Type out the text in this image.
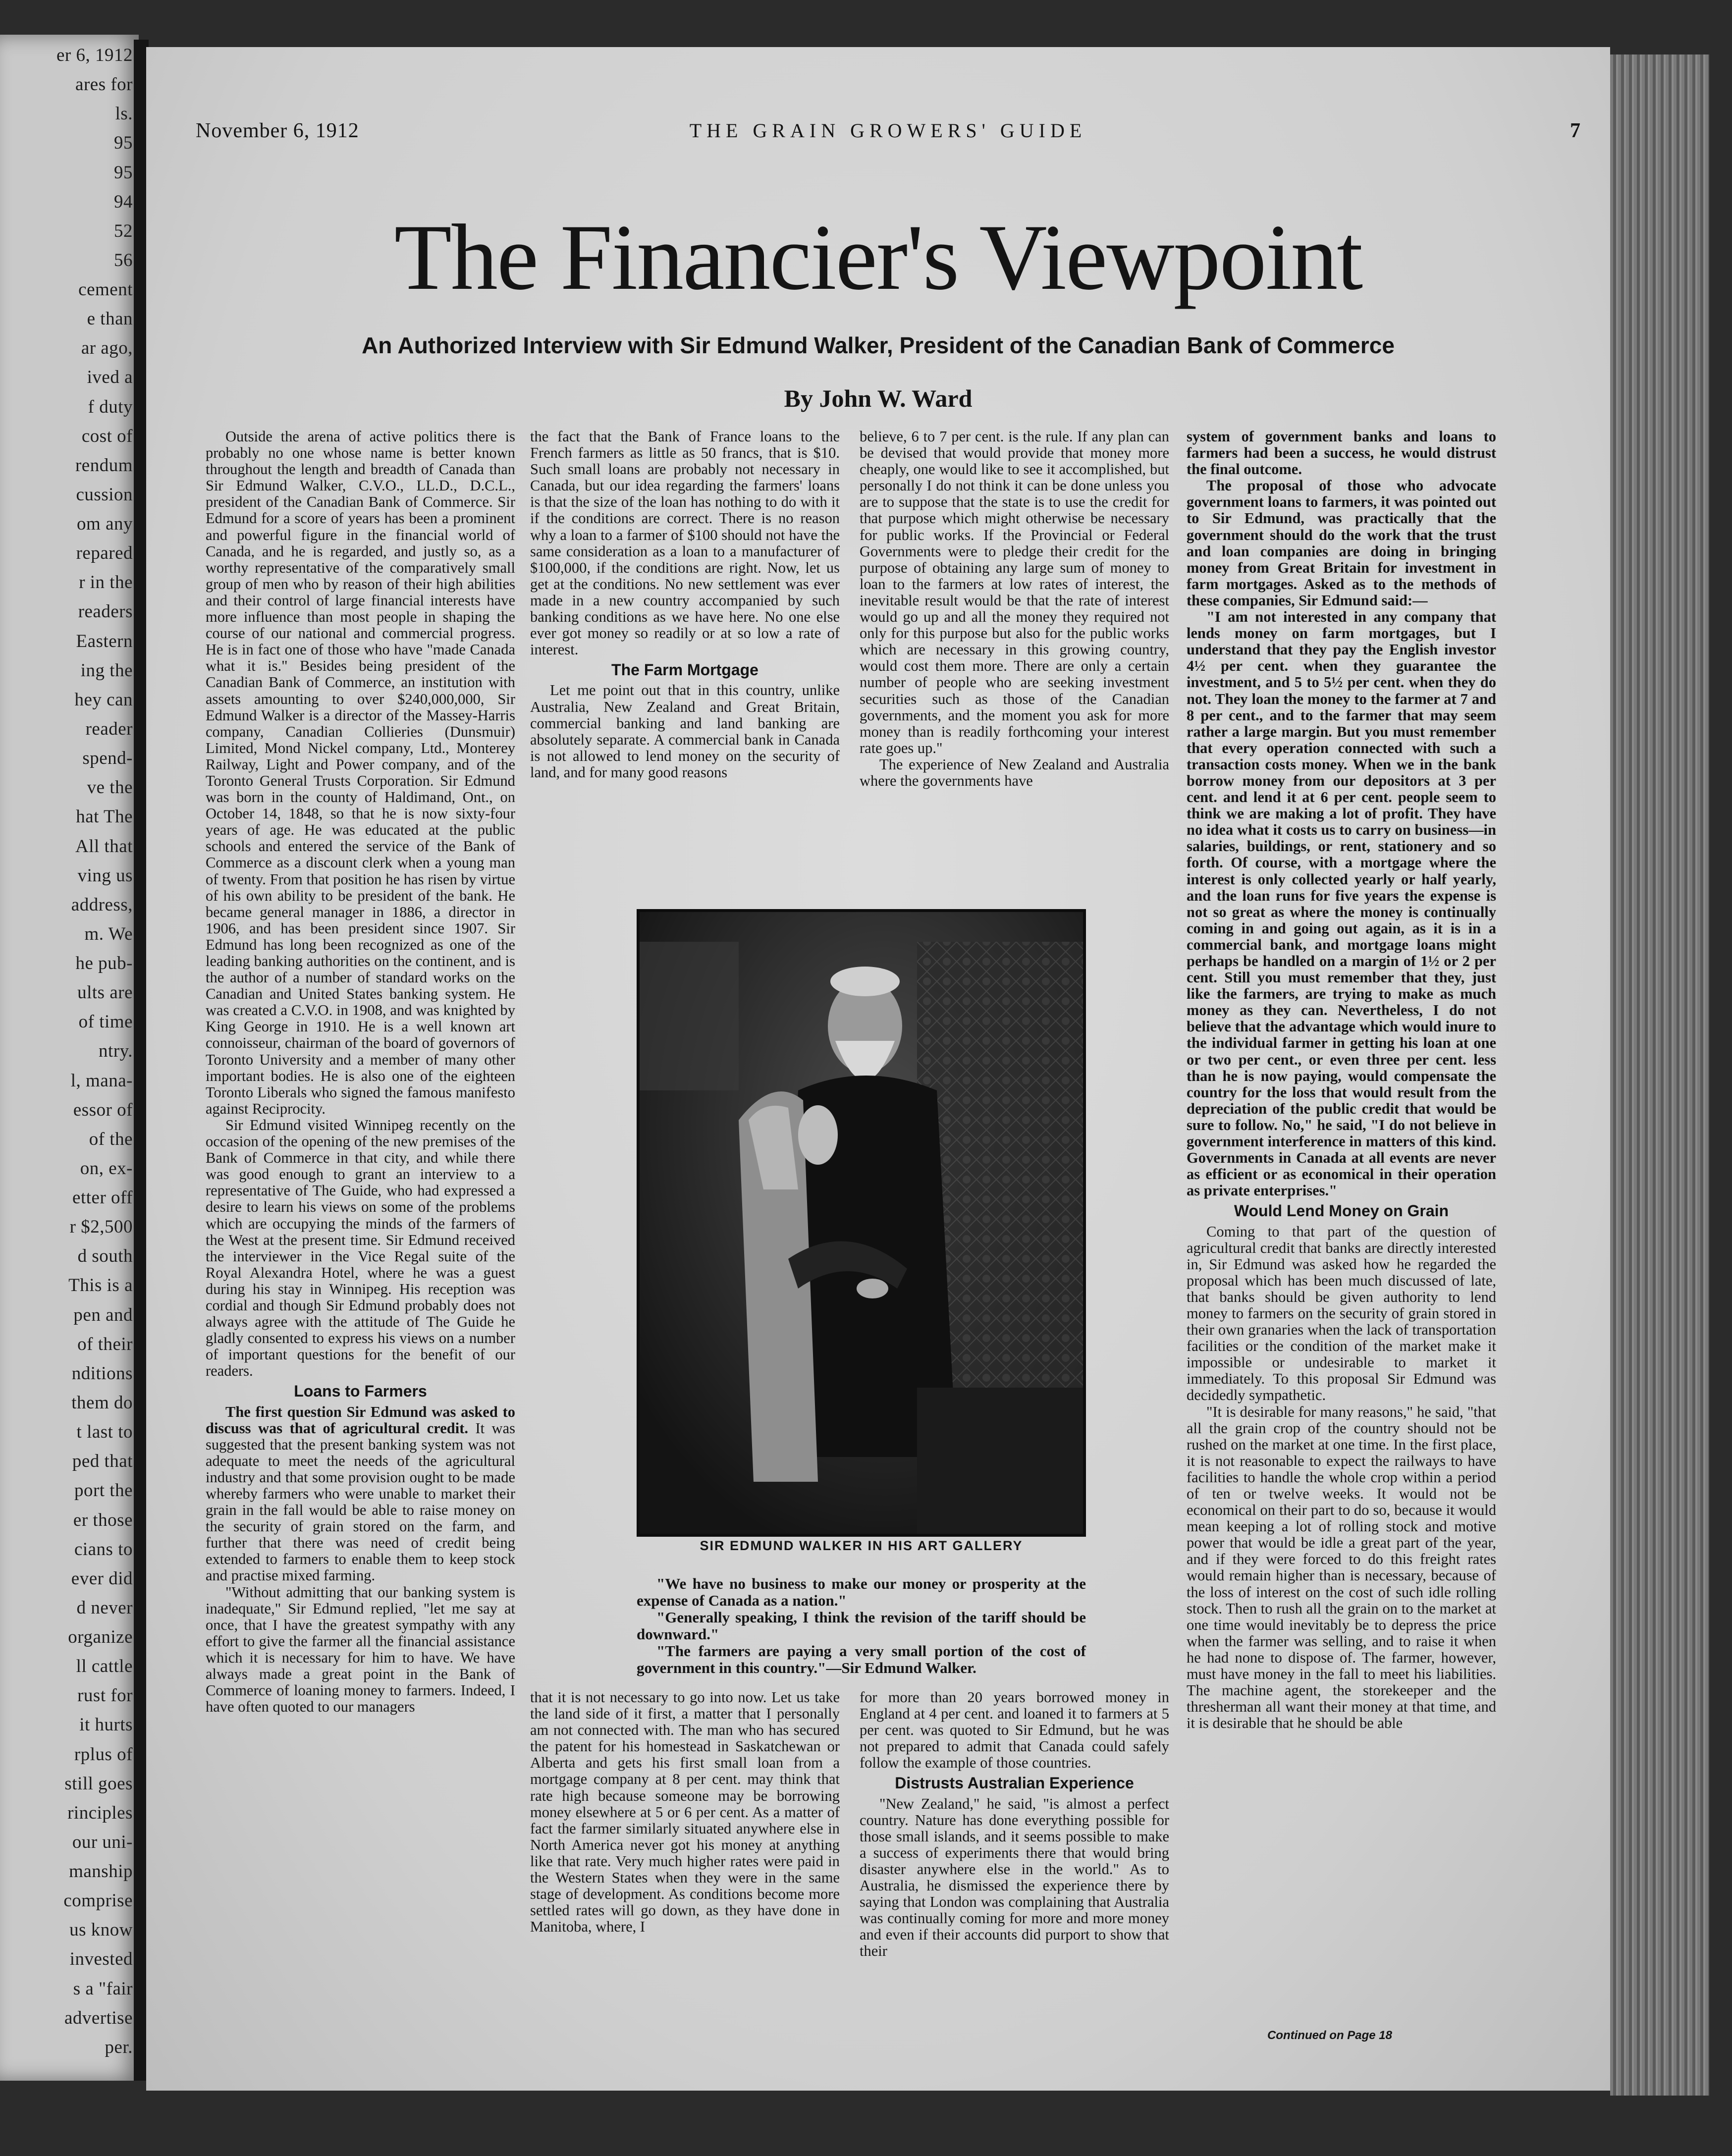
er 6, 1912
ares for
ls.
95
95
94
52
56
cement
e than
ar ago,
ived a
f duty
cost of
rendum
cussion
om any
repared
r in the
readers
Eastern
ing the
hey can
reader
spend-
ve the
hat The
All that
ving us
address,
m. We
he pub-
ults are
of time
ntry.
l, mana-
essor of
of the
on, ex-
etter off
r $2,500
d south
This is a
pen and
of their
nditions
them do
t last to
ped that
port the
er those
cians to
ever did
d never
organize
ll cattle
rust for
it hurts
rplus of
still goes
rinciples
our uni-
manship
comprise
us know
invested
s a "fair
advertise
per.
November 6, 1912	THE GRAIN GROWERS' GUIDE	7
The Financier's Viewpoint
An Authorized Interview with Sir Edmund Walker, President of the Canadian Bank of Commerce
By John W. Ward

Outside the arena of active politics there is probably no one whose name is better known throughout the length and breadth of Canada than Sir Edmund Walker, C.V.O., LL.D., D.C.L., president of the Canadian Bank of Commerce. Sir Edmund for a score of years has been a prominent and powerful figure in the financial world of Canada, and he is regarded, and justly so, as a worthy representative of the comparatively small group of men who by reason of their high abilities and their control of large financial interests have more influence than most people in shaping the course of our national and commercial progress. He is in fact one of those who have "made Canada what it is." Besides being president of the Canadian Bank of Commerce, an institution with assets amounting to over $240,000,000, Sir Edmund Walker is a director of the Massey-Harris company, Canadian Collieries (Dunsmuir) Limited, Mond Nickel company, Ltd., Monterey Railway, Light and Power company, and of the Toronto General Trusts Corporation. Sir Edmund was born in the county of Haldimand, Ont., on October 14, 1848, so that he is now sixty-four years of age. He was educated at the public schools and entered the service of the Bank of Commerce as a discount clerk when a young man of twenty. From that position he has risen by virtue of his own ability to be president of the bank. He became general manager in 1886, a director in 1906, and has been president since 1907. Sir Edmund has long been recognized as one of the leading banking authorities on the continent, and is the author of a number of standard works on the Canadian and United States banking system. He was created a C.V.O. in 1908, and was knighted by King George in 1910. He is a well known art connoisseur, chairman of the board of governors of Toronto University and a member of many other important bodies. He is also one of the eighteen Toronto Liberals who signed the famous manifesto against Reciprocity.

Sir Edmund visited Winnipeg recently on the occasion of the opening of the new premises of the Bank of Commerce in that city, and while there was good enough to grant an interview to a representative of The Guide, who had expressed a desire to learn his views on some of the problems which are occupying the minds of the farmers of the West at the present time. Sir Edmund received the interviewer in the Vice Regal suite of the Royal Alexandra Hotel, where he was a guest during his stay in Winnipeg. His reception was cordial and though Sir Edmund probably does not always agree with the attitude of The Guide he gladly consented to express his views on a number of important questions for the benefit of our readers.

Loans to Farmers

The first question Sir Edmund was asked to discuss was that of agricultural credit. It was suggested that the present banking system was not adequate to meet the needs of the agricultural industry and that some provision ought to be made whereby farmers who were unable to market their grain in the fall would be able to raise money on the security of grain stored on the farm, and further that there was need of credit being extended to farmers to enable them to keep stock and practise mixed farming.

"Without admitting that our banking system is inadequate," Sir Edmund replied, "let me say at once, that I have the greatest sympathy with any effort to give the farmer all the financial assistance which it is necessary for him to have. We have always made a great point in the Bank of Commerce of loaning money to farmers. Indeed, I have often quoted to our managers

the fact that the Bank of France loans to the French farmers as little as 50 francs, that is $10. Such small loans are probably not necessary in Canada, but our idea regarding the farmers' loans is that the size of the loan has nothing to do with it if the conditions are correct. There is no reason why a loan to a farmer of $100 should not have the same consideration as a loan to a manufacturer of $100,000, if the conditions are right. Now, let us get at the conditions. No new settlement was ever made in a new country accompanied by such banking conditions as we have here. No one else ever got money so readily or at so low a rate of interest.

The Farm Mortgage

Let me point out that in this country, unlike Australia, New Zealand and Great Britain, commercial banking and land banking are absolutely separate. A commercial bank in Canada is not allowed to lend money on the security of land, and for many good reasons

believe, 6 to 7 per cent. is the rule. If any plan can be devised that would provide that money more cheaply, one would like to see it accomplished, but personally I do not think it can be done unless you are to suppose that the state is to use the credit for that purpose which might otherwise be necessary for public works. If the Provincial or Federal Governments were to pledge their credit for the purpose of obtaining any large sum of money to loan to the farmers at low rates of interest, the inevitable result would be that the rate of interest would go up and all the money they required not only for this purpose but also for the public works which are necessary in this growing country, would cost them more. There are only a certain number of people who are seeking investment securities such as those of the Canadian governments, and the moment you ask for more money than is readily forthcoming your interest rate goes up."

The experience of New Zealand and Australia where the governments have

SIR EDMUND WALKER IN HIS ART GALLERY

"We have no business to make our money or prosperity at the expense of Canada as a nation."

"Generally speaking, I think the revision of the tariff should be downward."

"The farmers are paying a very small portion of the cost of government in this country."—Sir Edmund Walker.

that it is not necessary to go into now. Let us take the land side of it first, a matter that I personally am not connected with. The man who has secured the patent for his homestead in Saskatchewan or Alberta and gets his first small loan from a mortgage company at 8 per cent. may think that rate high because someone may be borrowing money elsewhere at 5 or 6 per cent. As a matter of fact the farmer similarly situated anywhere else in North America never got his money at anything like that rate. Very much higher rates were paid in the Western States when they were in the same stage of development. As conditions become more settled rates will go down, as they have done in Manitoba, where, I

for more than 20 years borrowed money in England at 4 per cent. and loaned it to farmers at 5 per cent. was quoted to Sir Edmund, but he was not prepared to admit that Canada could safely follow the example of those countries.

Distrusts Australian Experience

"New Zealand," he said, "is almost a perfect country. Nature has done everything possible for those small islands, and it seems possible to make a success of experiments there that would bring disaster anywhere else in the world." As to Australia, he dismissed the experience there by saying that London was complaining that Australia was continually coming for more and more money and even if their accounts did purport to show that their

system of government banks and loans to farmers had been a success, he would distrust the final outcome.

The proposal of those who advocate government loans to farmers, it was pointed out to Sir Edmund, was practically that the government should do the work that the trust and loan companies are doing in bringing money from Great Britain for investment in farm mortgages. Asked as to the methods of these companies, Sir Edmund said:—

"I am not interested in any company that lends money on farm mortgages, but I understand that they pay the English investor 4½ per cent. when they guarantee the investment, and 5 to 5½ per cent. when they do not. They loan the money to the farmer at 7 and 8 per cent., and to the farmer that may seem rather a large margin. But you must remember that every operation connected with such a transaction costs money. When we in the bank borrow money from our depositors at 3 per cent. and lend it at 6 per cent. people seem to think we are making a lot of profit. They have no idea what it costs us to carry on business—in salaries, buildings, or rent, stationery and so forth. Of course, with a mortgage where the interest is only collected yearly or half yearly, and the loan runs for five years the expense is not so great as where the money is continually coming in and going out again, as it is in a commercial bank, and mortgage loans might perhaps be handled on a margin of 1½ or 2 per cent. Still you must remember that they, just like the farmers, are trying to make as much money as they can. Nevertheless, I do not believe that the advantage which would inure to the individual farmer in getting his loan at one or two per cent., or even three per cent. less than he is now paying, would compensate the country for the loss that would result from the depreciation of the public credit that would be sure to follow. No," he said, "I do not believe in government interference in matters of this kind. Governments in Canada at all events are never as efficient or as economical in their operation as private enterprises."

Would Lend Money on Grain

Coming to that part of the question of agricultural credit that banks are directly interested in, Sir Edmund was asked how he regarded the proposal which has been much discussed of late, that banks should be given authority to lend money to farmers on the security of grain stored in their own granaries when the lack of transportation facilities or the condition of the market make it impossible or undesirable to market it immediately. To this proposal Sir Edmund was decidedly sympathetic.

"It is desirable for many reasons," he said, "that all the grain crop of the country should not be rushed on the market at one time. In the first place, it is not reasonable to expect the railways to have facilities to handle the whole crop within a period of ten or twelve weeks. It would not be economical on their part to do so, because it would mean keeping a lot of rolling stock and motive power that would be idle a great part of the year, and if they were forced to do this freight rates would remain higher than is necessary, because of the loss of interest on the cost of such idle rolling stock. Then to rush all the grain on to the market at one time would inevitably be to depress the price when the farmer was selling, and to raise it when he had none to dispose of. The farmer, however, must have money in the fall to meet his liabilities. The machine agent, the storekeeper and the thresherman all want their money at that time, and it is desirable that he should be able

Continued on Page 18
